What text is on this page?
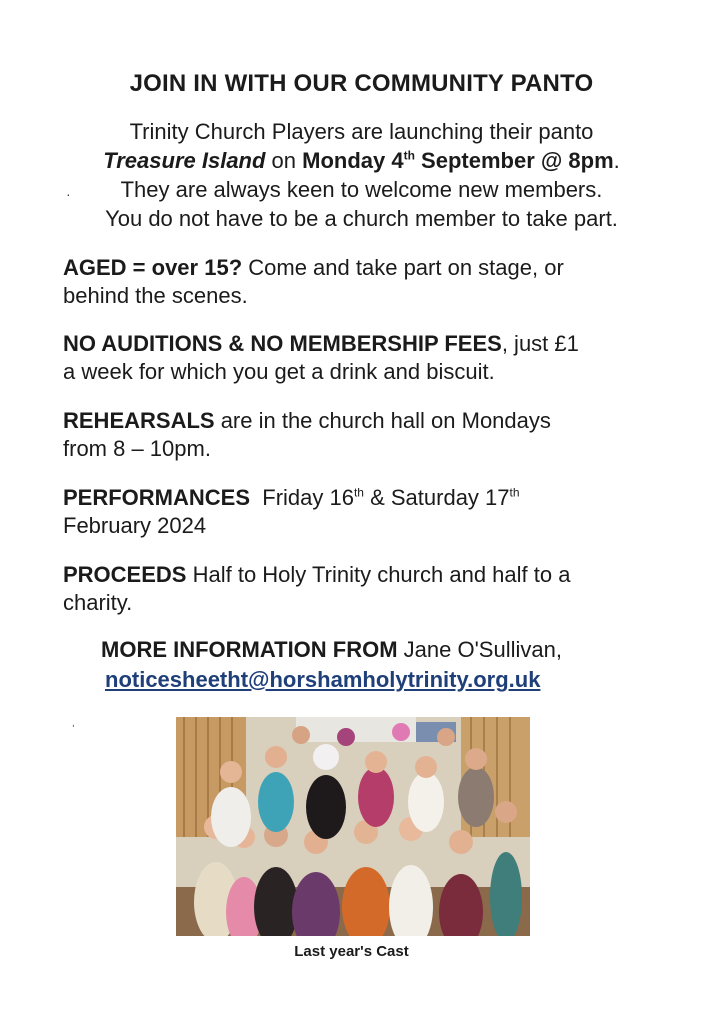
JOIN IN WITH OUR COMMUNITY PANTO
Trinity Church Players are launching their panto
Treasure Island on Monday 4th September @ 8pm.
They are always keen to welcome new members.
You do not have to be a church member to take part.
·
AGED = over 15? Come and take part on stage, or
behind the scenes.
NO AUDITIONS & NO MEMBERSHIP FEES, just £1
a week for which you get a drink and biscuit.
REHEARSALS are in the church hall on Mondays
from 8 – 10pm.
PERFORMANCES Friday 16th & Saturday 17th
February 2024
PROCEEDS Half to Holy Trinity church and half to a
charity.
MORE INFORMATION FROM Jane O'Sullivan,
noticesheetht@horshamholytrinity.org.uk
ˌ
Last year's Cast
